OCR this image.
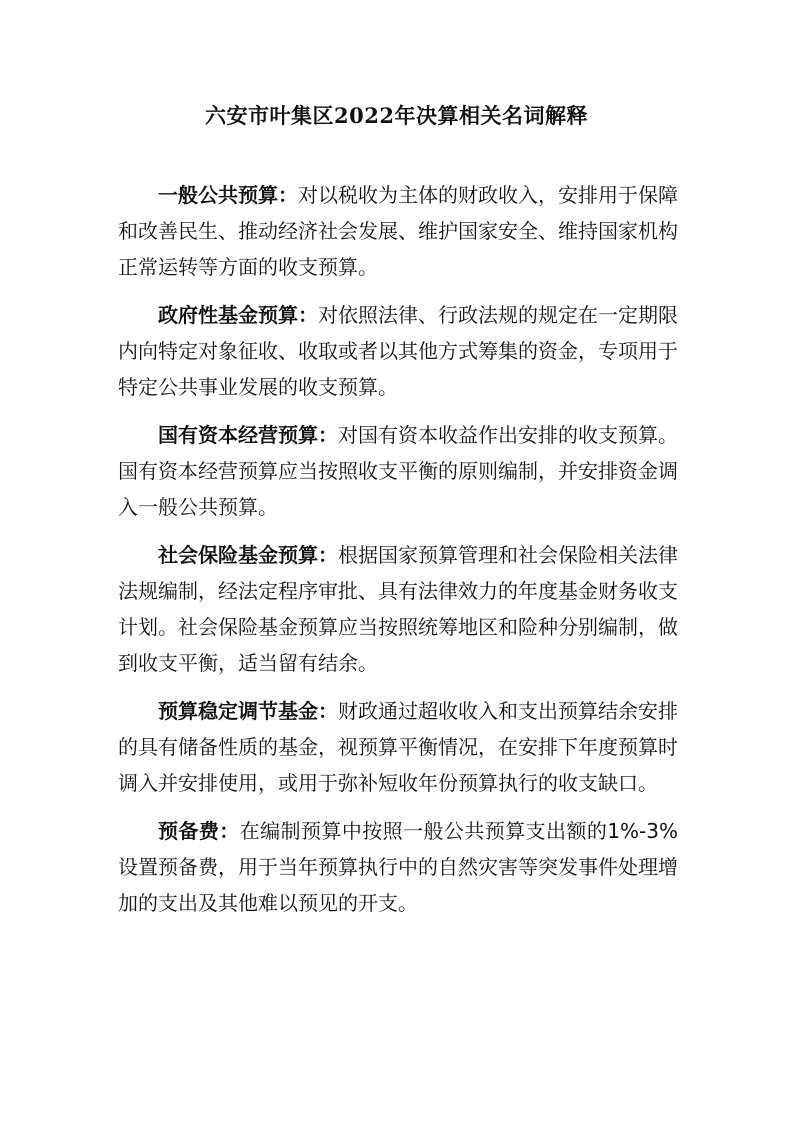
六安市叶集区2022年决算相关名词解释

一般公共预算：对以税收为主体的财政收入，安排用于保障和改善民生、推动经济社会发展、维护国家安全、维持国家机构正常运转等方面的收支预算。

政府性基金预算：对依照法律、行政法规的规定在一定期限内向特定对象征收、收取或者以其他方式筹集的资金，专项用于特定公共事业发展的收支预算。

国有资本经营预算：对国有资本收益作出安排的收支预算。国有资本经营预算应当按照收支平衡的原则编制，并安排资金调入一般公共预算。

社会保险基金预算：根据国家预算管理和社会保险相关法律法规编制，经法定程序审批、具有法律效力的年度基金财务收支计划。社会保险基金预算应当按照统筹地区和险种分别编制，做到收支平衡，适当留有结余。

预算稳定调节基金：财政通过超收收入和支出预算结余安排的具有储备性质的基金，视预算平衡情况，在安排下年度预算时调入并安排使用，或用于弥补短收年份预算执行的收支缺口。

预备费：在编制预算中按照一般公共预算支出额的1%-3%设置预备费，用于当年预算执行中的自然灾害等突发事件处理增加的支出及其他难以预见的开支。
